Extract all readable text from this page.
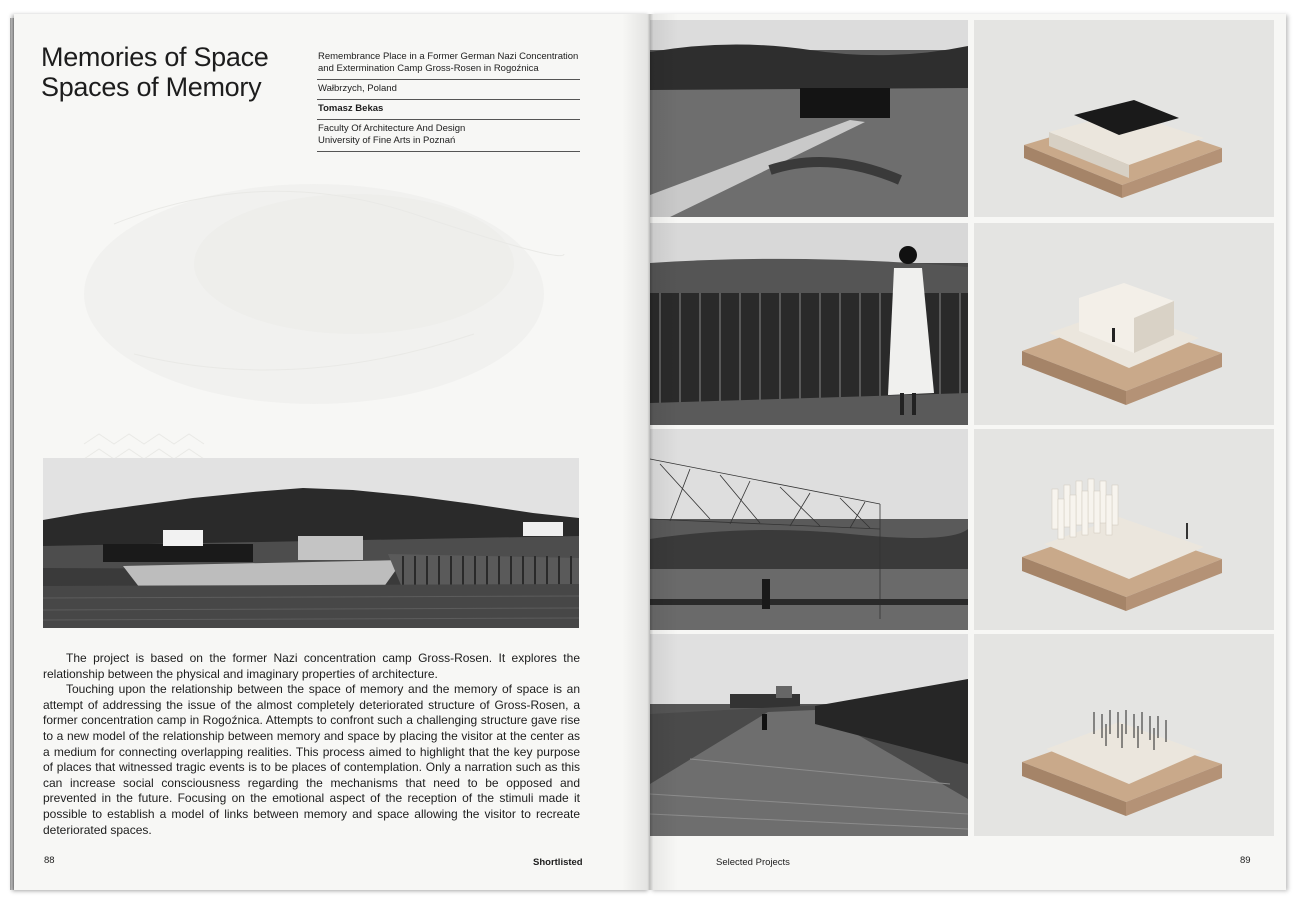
Memories of Space
Spaces of Memory
Remembrance Place in a Former German Nazi Concentration
and Extermination Camp Gross-Rosen in Rogoźnica
Wałbrzych, Poland
Tomasz Bekas
Faculty Of Architecture And Design
University of Fine Arts in Poznań

The project is based on the former Nazi concentration camp Gross-Rosen. It explores the relationship between the physical and imaginary properties of architecture.

Touching upon the relationship between the space of memory and the memory of space is an attempt of addressing the issue of the almost completely deteriorated structure of Gross-Rosen, a former concentration camp in Rogoźnica. Attempts to confront such a challenging structure gave rise to a new model of the relationship between memory and space by placing the visitor at the center as a medium for connecting overlapping realities. This process aimed to highlight that the key purpose of places that witnessed tragic events is to be places of contemplation. Only a narration such as this can increase social consciousness regarding the mechanisms that need to be opposed and prevented in the future. Focusing on the emotional aspect of the reception of the stimuli made it possible to establish a model of links between memory and space allowing the visitor to recreate deteriorated spaces.

88	Shortlisted	Selected Projects	89
